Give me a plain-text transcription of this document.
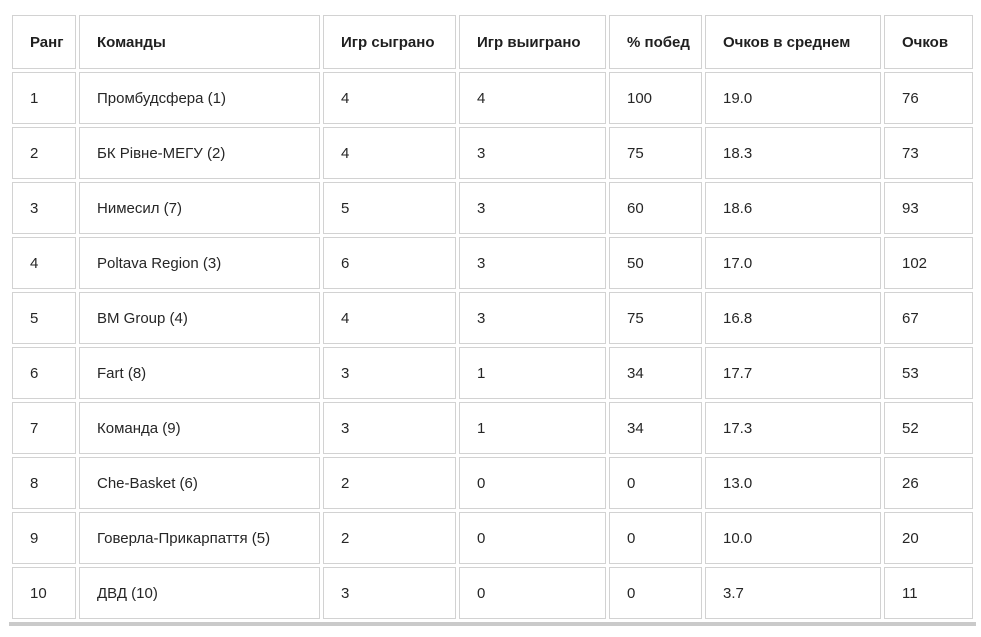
Ранг	Команды	Игр сыграно	Игр выиграно	% побед	Очков в среднем	Очков
1	Промбудсфера (1)	4	4	100	19.0	76
2	БК Рівне-МЕГУ (2)	4	3	75	18.3	73
3	Нимесил (7)	5	3	60	18.6	93
4	Poltava Region (3)	6	3	50	17.0	102
5	BM Group (4)	4	3	75	16.8	67
6	Fart (8)	3	1	34	17.7	53
7	Команда (9)	3	1	34	17.3	52
8	Che-Basket (6)	2	0	0	13.0	26
9	Говерла-Прикарпаття (5)	2	0	0	10.0	20
10	ДВД (10)	3	0	0	3.7	11
